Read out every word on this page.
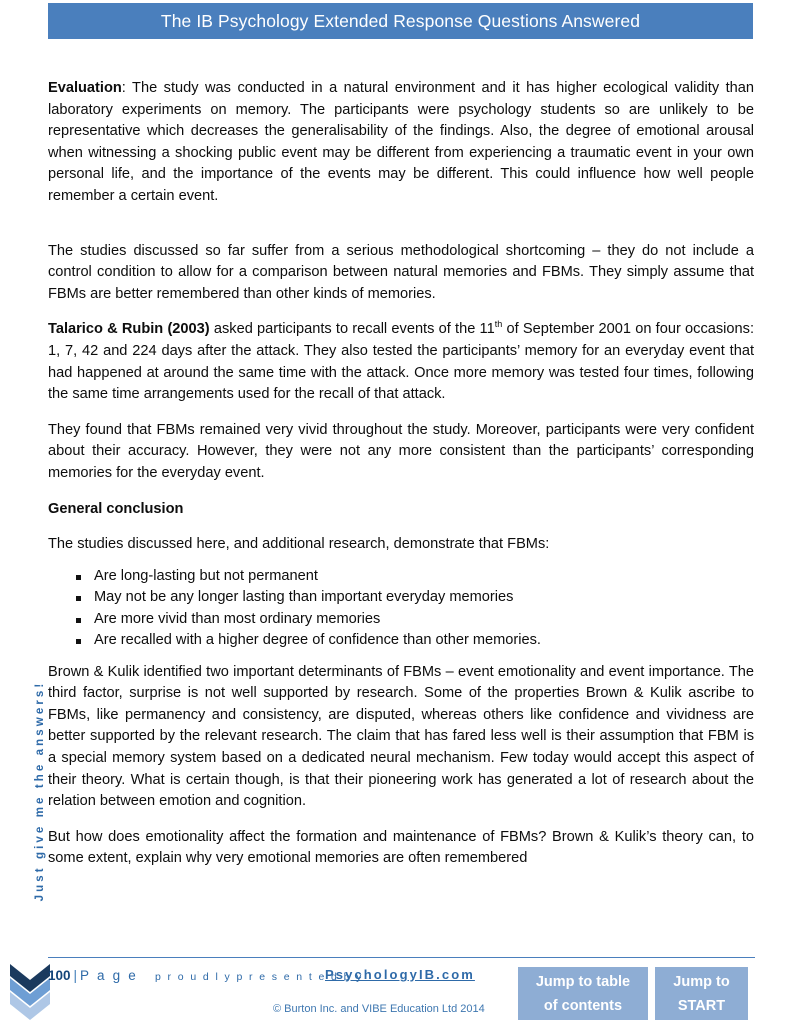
The IB Psychology Extended Response Questions Answered
Just give me the answers!

Evaluation: The study was conducted in a natural environment and it has higher ecological validity than laboratory experiments on memory. The participants were psychology students so are unlikely to be representative which decreases the generalisability of the findings. Also, the degree of emotional arousal when witnessing a shocking public event may be different from experiencing a traumatic event in your own personal life, and the importance of the events may be different. This could influence how well people remember a certain event.

The studies discussed so far suffer from a serious methodological shortcoming – they do not include a control condition to allow for a comparison between natural memories and FBMs. They simply assume that FBMs are better remembered than other kinds of memories.

Talarico & Rubin (2003) asked participants to recall events of the 11th of September 2001 on four occasions: 1, 7, 42 and 224 days after the attack. They also tested the participants’ memory for an everyday event that had happened at around the same time with the attack. Once more memory was tested four times, following the same time arrangements used for the recall of that attack.

They found that FBMs remained very vivid throughout the study. Moreover, participants were very confident about their accuracy. However, they were not any more consistent than the participants’ corresponding memories for the everyday event.

General conclusion

The studies discussed here, and additional research, demonstrate that FBMs:

Are long-lasting but not permanent
May not be any longer lasting than important everyday memories
Are more vivid than most ordinary memories
Are recalled with a higher degree of confidence than other memories.

Brown & Kulik identified two important determinants of FBMs – event emotionality and event importance. The third factor, surprise is not well supported by research. Some of the properties Brown & Kulik ascribe to FBMs, like permanency and consistency, are disputed, whereas others like confidence and vividness are better supported by the relevant research. The claim that has fared less well is their assumption that FBM is a special memory system based on a dedicated neural mechanism. Few today would accept this aspect of their theory. What is certain though, is that their pioneering work has generated a lot of research about the relation between emotion and cognition.

But how does emotionality affect the formation and maintenance of FBMs? Brown & Kulik’s theory can, to some extent, explain why very emotional memories are often remembered

100 | P a g e p r o u d l y p r e s e n t e d b y
PsychologyIB.com
© Burton Inc. and VIBE Education Ltd 2014
Jump to table
of contents
Jump to
START
